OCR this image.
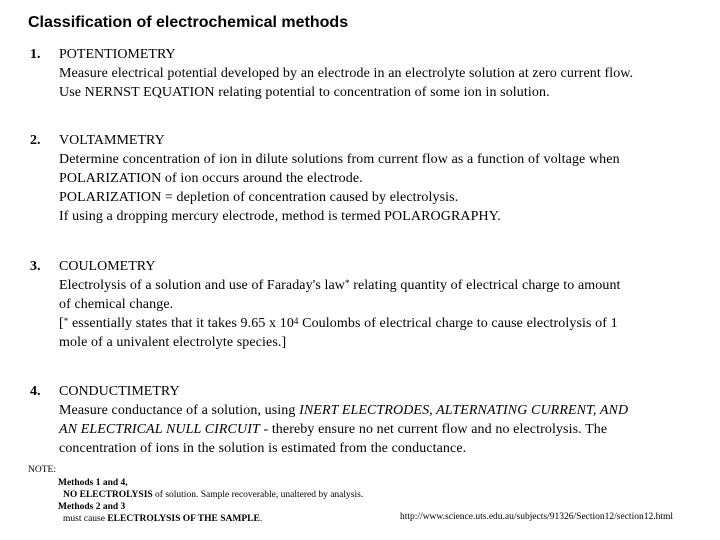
Classification of electrochemical methods
1. POTENTIOMETRY
Measure electrical potential developed by an electrode in an electrolyte solution at zero current flow.
Use NERNST EQUATION relating potential to concentration of some ion in solution.
2. VOLTAMMETRY
Determine concentration of ion in dilute solutions from current flow as a function of voltage when
POLARIZATION of ion occurs around the electrode.
POLARIZATION = depletion of concentration caused by electrolysis.
If using a dropping mercury electrode, method is termed POLAROGRAPHY.
3. COULOMETRY
Electrolysis of a solution and use of Faraday's law* relating quantity of electrical charge to amount
of chemical change.
[* essentially states that it takes 9.65 x $10^4$ Coulombs of electrical charge to cause electrolysis of 1
mole of a univalent electrolyte species.]
4. CONDUCTIMETRY
Measure conductance of a solution, using INERT ELECTRODES, ALTERNATING CURRENT, AND
AN ELECTRICAL NULL CIRCUIT - thereby ensure no net current flow and no electrolysis. The
concentration of ions in the solution is estimated from the conductance.
NOTE:
Methods 1 and 4,
NO ELECTROLYSIS of solution. Sample recoverable, unaltered by analysis.
Methods 2 and 3
must cause ELECTROLYSIS OF THE SAMPLE.	http://www.science.uts.edu.au/subjects/91326/Section12/section12.html
